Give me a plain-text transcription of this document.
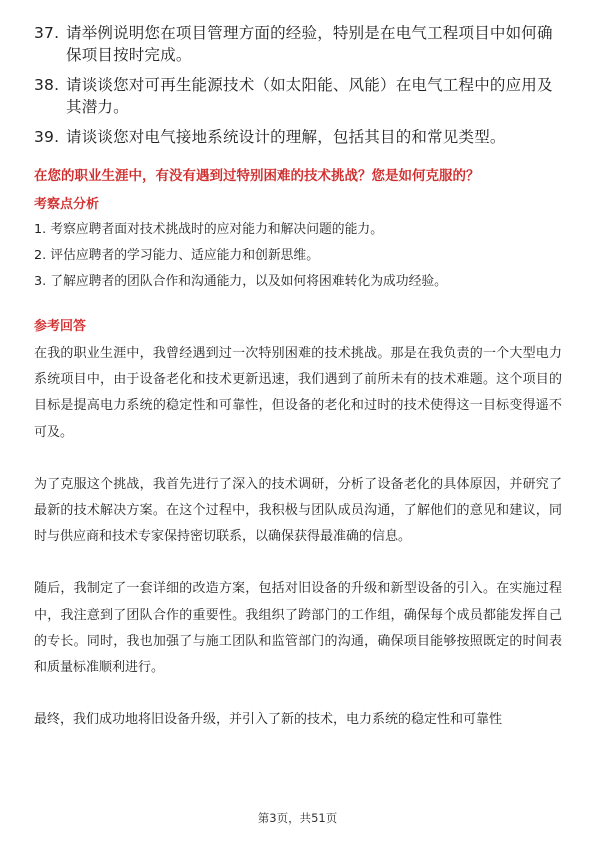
37. 请举例说明您在项目管理方面的经验，特别是在电气工程项目中如何确保项目按时完成。
38. 请谈谈您对可再生能源技术（如太阳能、风能）在电气工程中的应用及其潜力。
39. 请谈谈您对电气接地系统设计的理解，包括其目的和常见类型。
在您的职业生涯中，有没有遇到过特别困难的技术挑战？您是如何克服的？
考察点分析
1. 考察应聘者面对技术挑战时的应对能力和解决问题的能力。
2. 评估应聘者的学习能力、适应能力和创新思维。
3. 了解应聘者的团队合作和沟通能力，以及如何将困难转化为成功经验。
参考回答

在我的职业生涯中，我曾经遇到过一次特别困难的技术挑战。那是在我负责的一个大型电力系统项目中，由于设备老化和技术更新迅速，我们遇到了前所未有的技术难题。这个项目的目标是提高电力系统的稳定性和可靠性，但设备的老化和过时的技术使得这一目标变得遥不可及。

为了克服这个挑战，我首先进行了深入的技术调研，分析了设备老化的具体原因，并研究了最新的技术解决方案。在这个过程中，我积极与团队成员沟通，了解他们的意见和建议，同时与供应商和技术专家保持密切联系，以确保获得最准确的信息。

随后，我制定了一套详细的改造方案，包括对旧设备的升级和新型设备的引入。在实施过程中，我注意到了团队合作的重要性。我组织了跨部门的工作组，确保每个成员都能发挥自己的专长。同时，我也加强了与施工团队和监管部门的沟通，确保项目能够按照既定的时间表和质量标准顺利进行。

最终，我们成功地将旧设备升级，并引入了新的技术，电力系统的稳定性和可靠性

第3页，共51页
